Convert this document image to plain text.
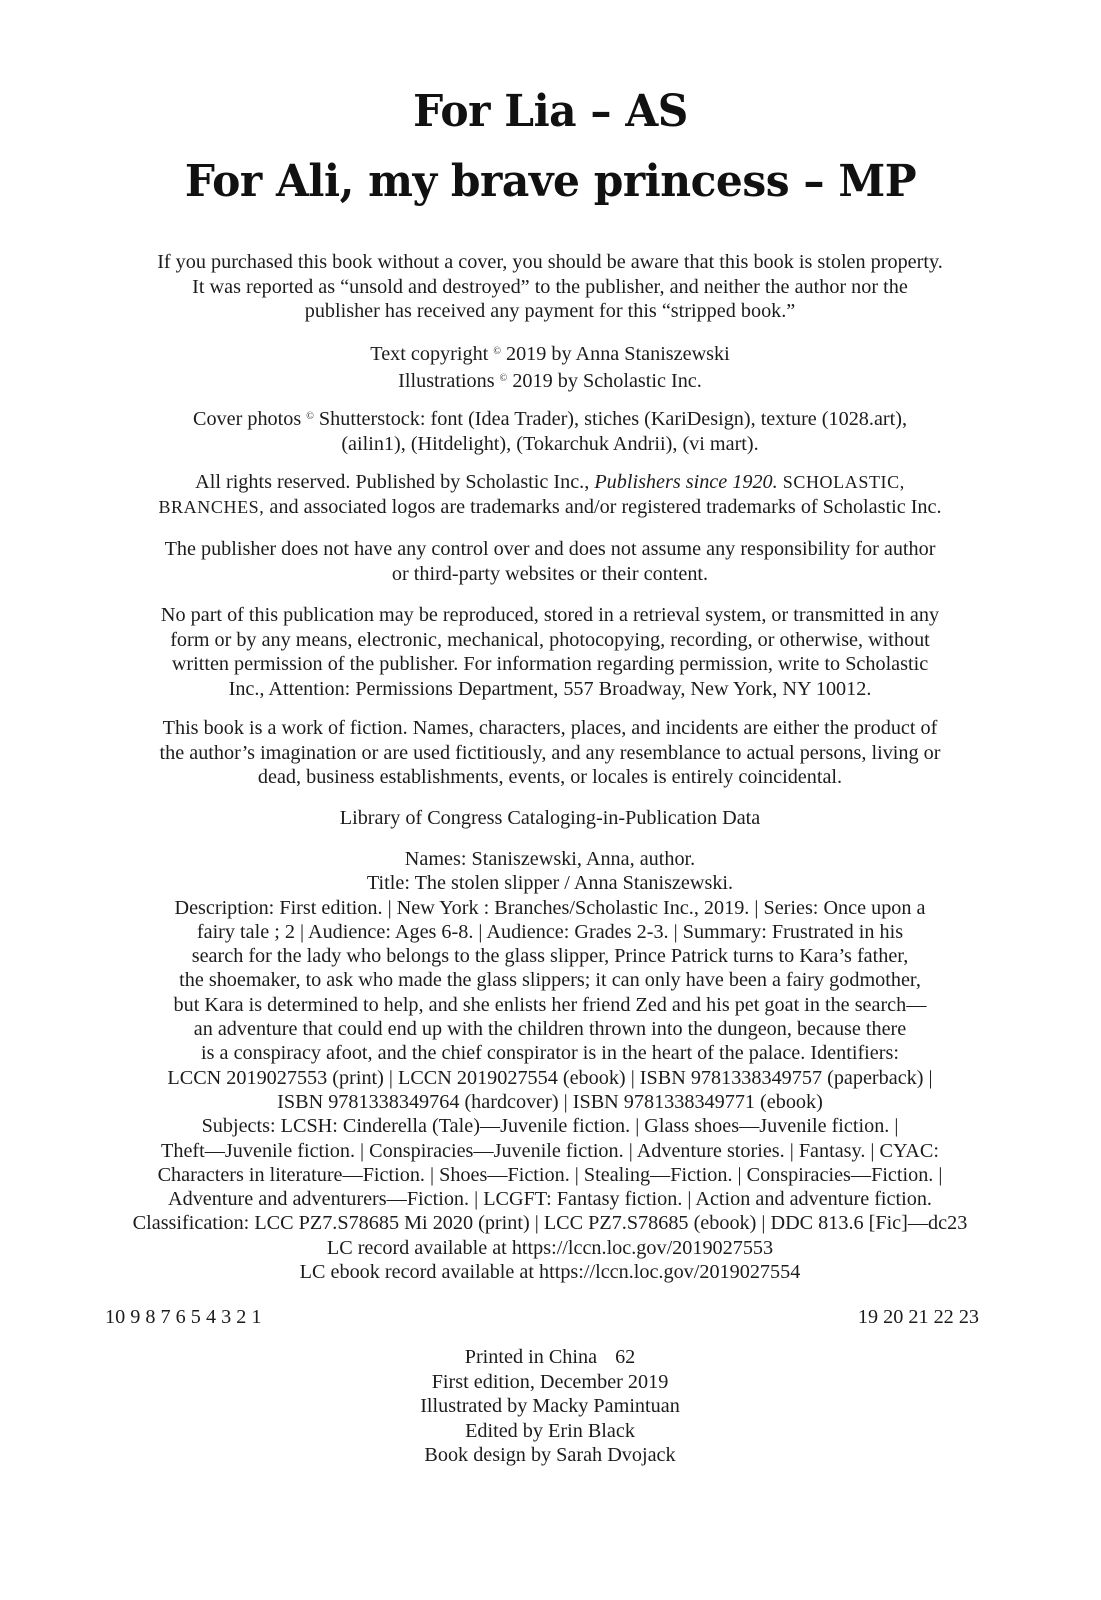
For Lia – AS
For Ali, my brave princess – MP
If you purchased this book without a cover, you should be aware that this book is stolen property.
It was reported as “unsold and destroyed” to the publisher, and neither the author nor the
publisher has received any payment for this “stripped book.”
Text copyright © 2019 by Anna Staniszewski
Illustrations © 2019 by Scholastic Inc.
Cover photos © Shutterstock: font (Idea Trader), stiches (KariDesign), texture (1028.art),
(ailin1), (Hitdelight), (Tokarchuk Andrii), (vi mart).
All rights reserved. Published by Scholastic Inc., Publishers since 1920. SCHOLASTIC,
BRANCHES, and associated logos are trademarks and/or registered trademarks of Scholastic Inc.
The publisher does not have any control over and does not assume any responsibility for author
or third-party websites or their content.
No part of this publication may be reproduced, stored in a retrieval system, or transmitted in any
form or by any means, electronic, mechanical, photocopying, recording, or otherwise, without
written permission of the publisher. For information regarding permission, write to Scholastic
Inc., Attention: Permissions Department, 557 Broadway, New York, NY 10012.
This book is a work of fiction. Names, characters, places, and incidents are either the product of
the author’s imagination or are used fictitiously, and any resemblance to actual persons, living or
dead, business establishments, events, or locales is entirely coincidental.
Library of Congress Cataloging-in-Publication Data
Names: Staniszewski, Anna, author.
Title: The stolen slipper / Anna Staniszewski.
Description: First edition. | New York : Branches/Scholastic Inc., 2019. | Series: Once upon a
fairy tale ; 2 | Audience: Ages 6-8. | Audience: Grades 2-3. | Summary: Frustrated in his
search for the lady who belongs to the glass slipper, Prince Patrick turns to Kara’s father,
the shoemaker, to ask who made the glass slippers; it can only have been a fairy godmother,
but Kara is determined to help, and she enlists her friend Zed and his pet goat in the search—
an adventure that could end up with the children thrown into the dungeon, because there
is a conspiracy afoot, and the chief conspirator is in the heart of the palace. Identifiers:
LCCN 2019027553 (print) | LCCN 2019027554 (ebook) | ISBN 9781338349757 (paperback) |
ISBN 9781338349764 (hardcover) | ISBN 9781338349771 (ebook)
Subjects: LCSH: Cinderella (Tale)—Juvenile fiction. | Glass shoes—Juvenile fiction. |
Theft—Juvenile fiction. | Conspiracies—Juvenile fiction. | Adventure stories. | Fantasy. | CYAC:
Characters in literature—Fiction. | Shoes—Fiction. | Stealing—Fiction. | Conspiracies—Fiction. |
Adventure and adventurers—Fiction. | LCGFT: Fantasy fiction. | Action and adventure fiction.
Classification: LCC PZ7.S78685 Mi 2020 (print) | LCC PZ7.S78685 (ebook) | DDC 813.6 [Fic]—dc23
LC record available at https://lccn.loc.gov/2019027553
LC ebook record available at https://lccn.loc.gov/2019027554
10 9 8 7 6 5 4 3 2 1	19 20 21 22 23
Printed in China 62
First edition, December 2019
Illustrated by Macky Pamintuan
Edited by Erin Black
Book design by Sarah Dvojack
